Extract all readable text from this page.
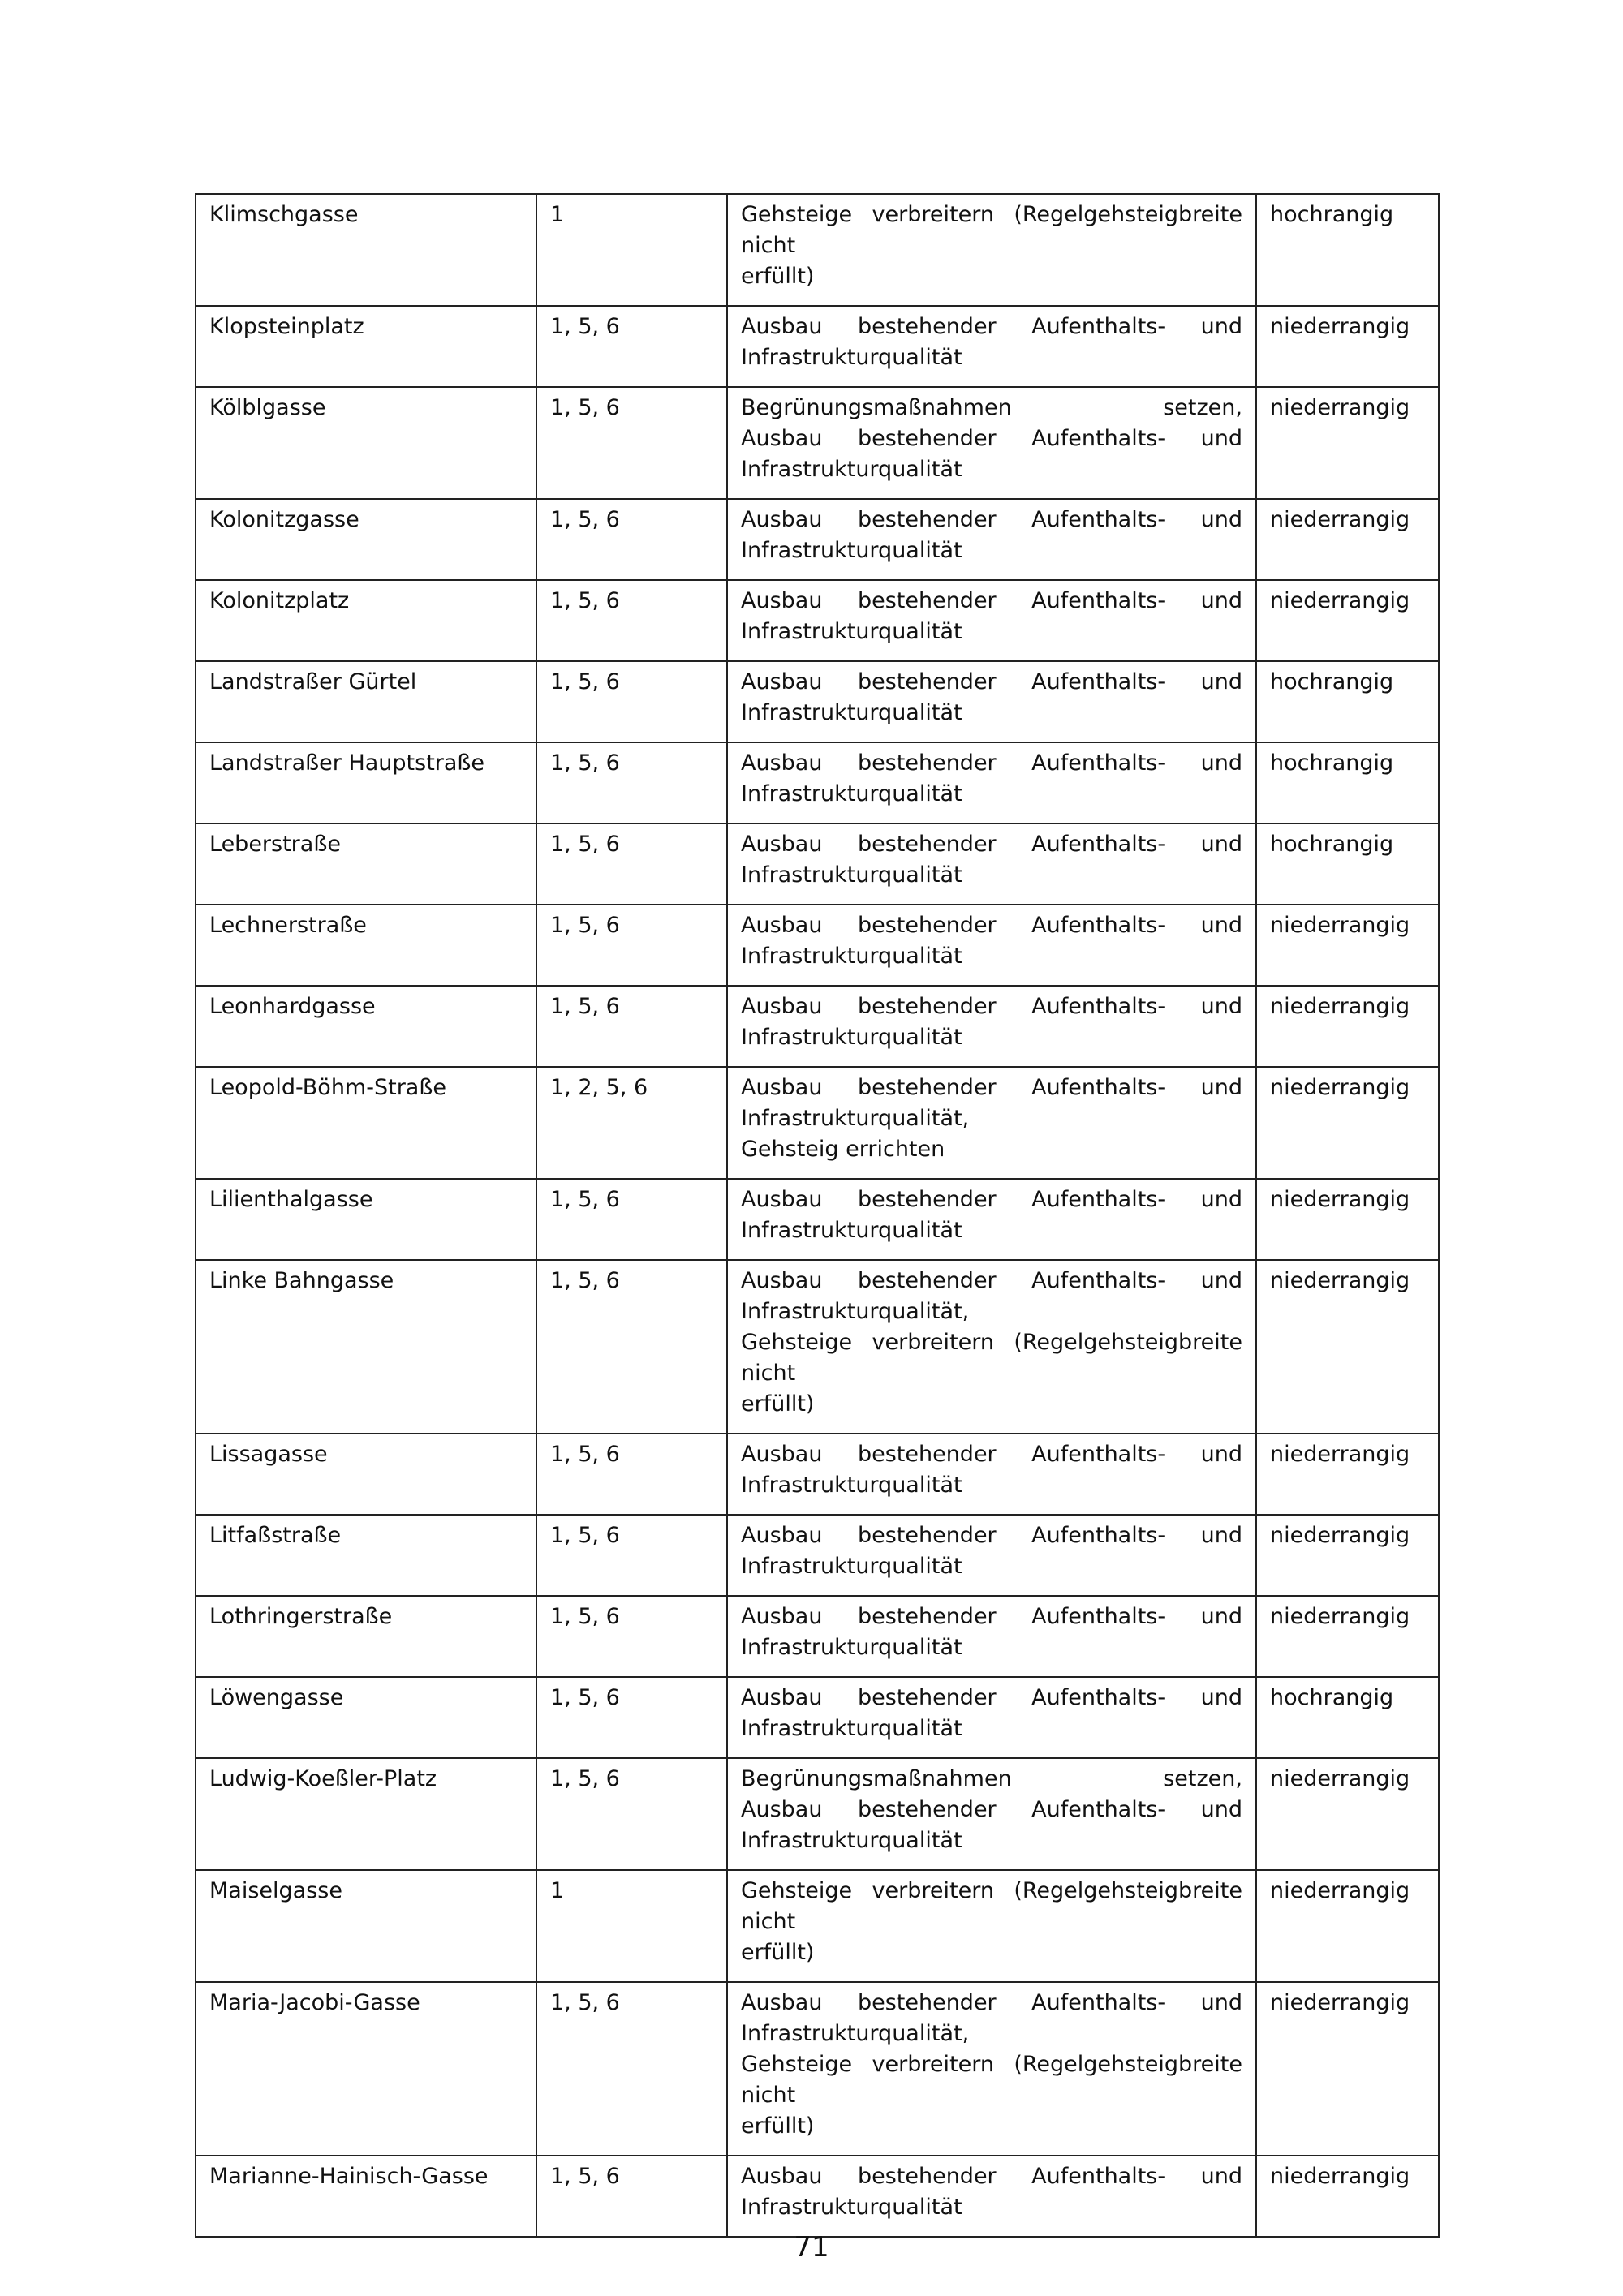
Klimschgasse	1	Gehsteige verbreitern (Regelgehsteigbreite nicht
erfüllt)	hochrangig
Klopsteinplatz	1, 5, 6	Ausbau bestehender Aufenthalts- und
Infrastrukturqualität	niederrangig
Kölblgasse	1, 5, 6	Begrünungsmaßnahmen setzen,
Ausbau bestehender Aufenthalts- und
Infrastrukturqualität	niederrangig
Kolonitzgasse	1, 5, 6	Ausbau bestehender Aufenthalts- und
Infrastrukturqualität	niederrangig
Kolonitzplatz	1, 5, 6	Ausbau bestehender Aufenthalts- und
Infrastrukturqualität	niederrangig
Landstraßer Gürtel	1, 5, 6	Ausbau bestehender Aufenthalts- und
Infrastrukturqualität	hochrangig
Landstraßer Hauptstraße	1, 5, 6	Ausbau bestehender Aufenthalts- und
Infrastrukturqualität	hochrangig
Leberstraße	1, 5, 6	Ausbau bestehender Aufenthalts- und
Infrastrukturqualität	hochrangig
Lechnerstraße	1, 5, 6	Ausbau bestehender Aufenthalts- und
Infrastrukturqualität	niederrangig
Leonhardgasse	1, 5, 6	Ausbau bestehender Aufenthalts- und
Infrastrukturqualität	niederrangig
Leopold-Böhm-Straße	1, 2, 5, 6	Ausbau bestehender Aufenthalts- und
Infrastrukturqualität,
Gehsteig errichten	niederrangig
Lilienthalgasse	1, 5, 6	Ausbau bestehender Aufenthalts- und
Infrastrukturqualität	niederrangig
Linke Bahngasse	1, 5, 6	Ausbau bestehender Aufenthalts- und
Infrastrukturqualität,
Gehsteige verbreitern (Regelgehsteigbreite nicht
erfüllt)	niederrangig
Lissagasse	1, 5, 6	Ausbau bestehender Aufenthalts- und
Infrastrukturqualität	niederrangig
Litfaßstraße	1, 5, 6	Ausbau bestehender Aufenthalts- und
Infrastrukturqualität	niederrangig
Lothringerstraße	1, 5, 6	Ausbau bestehender Aufenthalts- und
Infrastrukturqualität	niederrangig
Löwengasse	1, 5, 6	Ausbau bestehender Aufenthalts- und
Infrastrukturqualität	hochrangig
Ludwig-Koeßler-Platz	1, 5, 6	Begrünungsmaßnahmen setzen,
Ausbau bestehender Aufenthalts- und
Infrastrukturqualität	niederrangig
Maiselgasse	1	Gehsteige verbreitern (Regelgehsteigbreite nicht
erfüllt)	niederrangig
Maria-Jacobi-Gasse	1, 5, 6	Ausbau bestehender Aufenthalts- und
Infrastrukturqualität,
Gehsteige verbreitern (Regelgehsteigbreite nicht
erfüllt)	niederrangig
Marianne-Hainisch-Gasse	1, 5, 6	Ausbau bestehender Aufenthalts- und
Infrastrukturqualität	niederrangig
71
